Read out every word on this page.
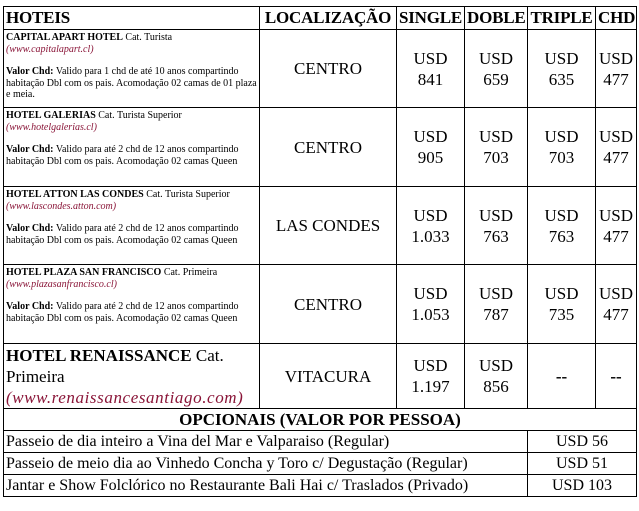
HOTEIS	LOCALIZAÇÃO	SINGLE	DOBLE	TRIPLE	CHD
CAPITAL APART HOTEL Cat. Turista
(www.capitalapart.cl)
Valor Chd: Valido para 1 chd de até 10 anos compartindo habitação Dbl com os pais. Acomodação 02 camas de 01 plaza e meia.	CENTRO	USD 841	USD 659	USD 635	USD 477
HOTEL GALERIAS Cat. Turista Superior
(www.hotelgalerias.cl)
Valor Chd: Valido para até 2 chd de 12 anos compartindo habitação Dbl com os pais. Acomodação 02 camas Queen	CENTRO	USD 905	USD 703	USD 703	USD 477
HOTEL ATTON LAS CONDES Cat. Turista Superior
(www.lascondes.atton.com)
Valor Chd: Valido para até 2 chd de 12 anos compartindo habitação Dbl com os pais. Acomodação 02 camas Queen	LAS CONDES	USD 1.033	USD 763	USD 763	USD 477
HOTEL PLAZA SAN FRANCISCO Cat. Primeira
(www.plazasanfrancisco.cl)
Valor Chd: Valido para até 2 chd de 12 anos compartindo habitação Dbl com os pais. Acomodação 02 camas Queen	CENTRO	USD 1.053	USD 787	USD 735	USD 477
HOTEL RENAISSANCE Cat. Primeira
(www.renaissancesantiago.com)	VITACURA	USD 1.197	USD 856	--	--
OPCIONAIS (VALOR POR PESSOA)					
Passeio de dia inteiro a Vina del Mar e Valparaiso (Regular)				USD 56	
Passeio de meio dia ao Vinhedo Concha y Toro c/ Degustação (Regular)				USD 51	
Jantar e Show Folclórico no Restaurante Bali Hai c/ Traslados (Privado)				USD 103	
